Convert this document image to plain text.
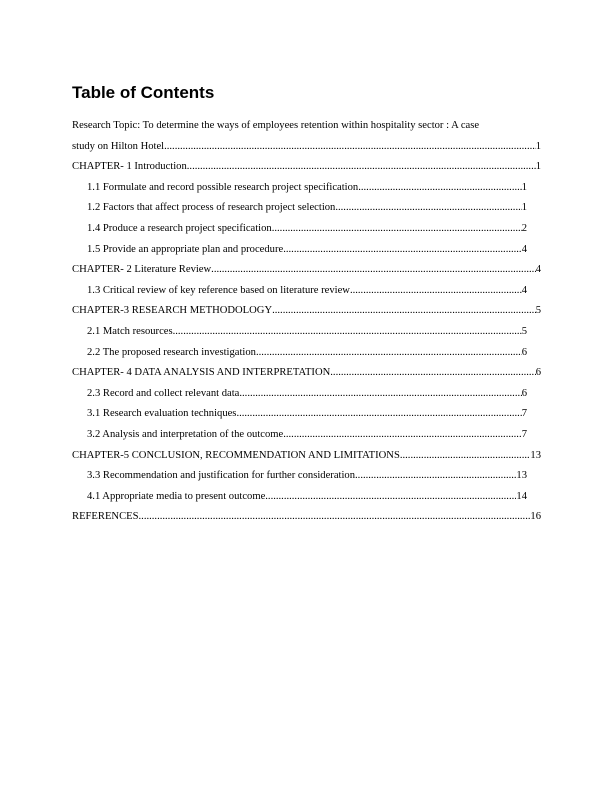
Table of Contents
Research Topic: To determine the ways of employees retention within hospitality sector : A case
study on Hilton Hotel .....	1
CHAPTER- 1 Introduction .....	1
1.1 Formulate and record possible research project specification .....	1
1.2 Factors that affect process of research project selection .....	1
1.4 Produce a research project specification .....	2
1.5 Provide an appropriate plan and procedure .....	4
CHAPTER- 2 Literature Review .....	4
1.3 Critical review of key reference based on literature review .....	4
CHAPTER-3 RESEARCH METHODOLOGY .....	5
2.1 Match resources .....	5
2.2 The proposed research investigation .....	6
CHAPTER- 4 DATA ANALYSIS AND INTERPRETATION .....	6
2.3 Record and collect relevant data .....	6
3.1 Research evaluation techniques .....	7
3.2 Analysis and interpretation of the outcome .....	7
CHAPTER-5 CONCLUSION, RECOMMENDATION AND LIMITATIONS .....	13
3.3 Recommendation and justification for further consideration .....	13
4.1 Appropriate media to present outcome .....	14
REFERENCES .....	16
